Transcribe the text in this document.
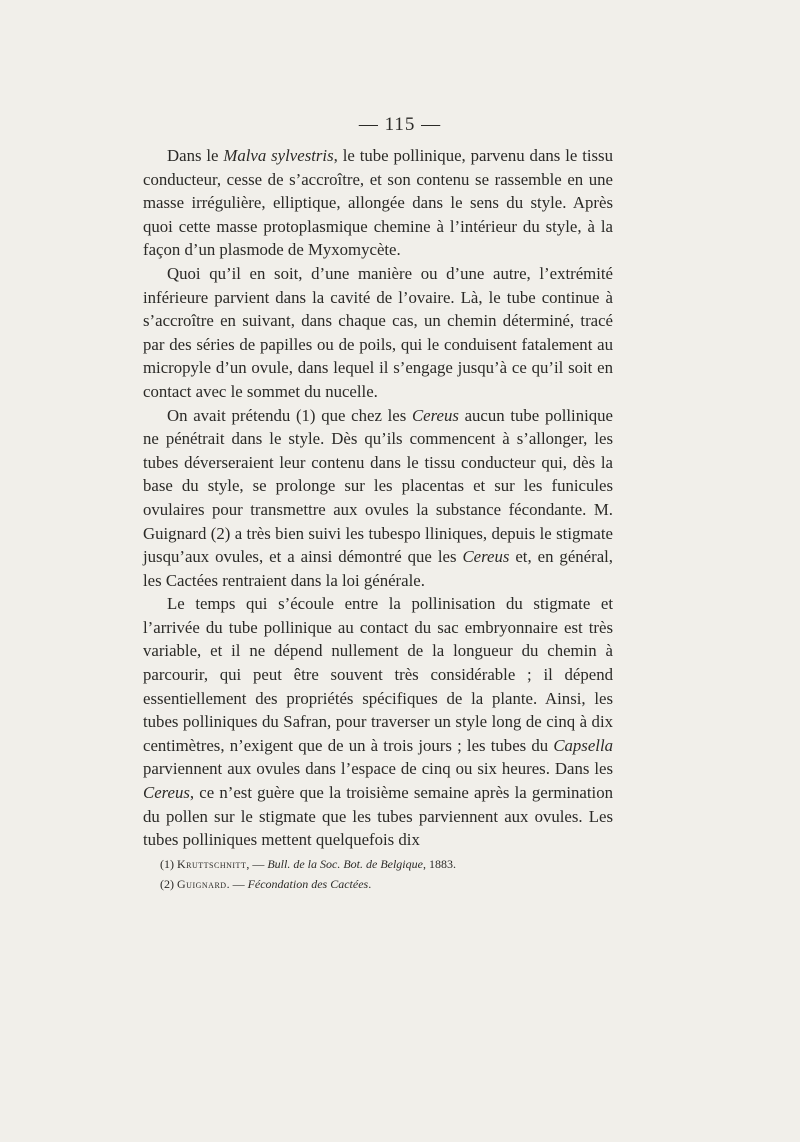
— 115 —

Dans le Malva sylvestris, le tube pollinique, parvenu dans le tissu conducteur, cesse de s’accroître, et son contenu se rassemble en une masse irrégulière, elliptique, allongée dans le sens du style. Après quoi cette masse protoplasmique chemine à l’intérieur du style, à la façon d’un plasmode de Myxomycète.

Quoi qu’il en soit, d’une manière ou d’une autre, l’extrémité inférieure parvient dans la cavité de l’ovaire. Là, le tube continue à s’accroître en suivant, dans chaque cas, un chemin déterminé, tracé par des séries de papilles ou de poils, qui le conduisent fatalement au micropyle d’un ovule, dans lequel il s’engage jusqu’à ce qu’il soit en contact avec le sommet du nucelle.

On avait prétendu (1) que chez les Cereus aucun tube pollinique ne pénétrait dans le style. Dès qu’ils commencent à s’allonger, les tubes déverseraient leur contenu dans le tissu conducteur qui, dès la base du style, se prolonge sur les placentas et sur les funicules ovulaires pour transmettre aux ovules la substance fécondante. M. Guignard (2) a très bien suivi les tubespo lliniques, depuis le stigmate jusqu’aux ovules, et a ainsi démontré que les Cereus et, en général, les Cactées rentraient dans la loi générale.

Le temps qui s’écoule entre la pollinisation du stigmate et l’arrivée du tube pollinique au contact du sac embryonnaire est très variable, et il ne dépend nullement de la longueur du chemin à parcourir, qui peut être souvent très considérable ; il dépend essentiellement des propriétés spécifiques de la plante. Ainsi, les tubes polliniques du Safran, pour traverser un style long de cinq à dix centimètres, n’exigent que de un à trois jours ; les tubes du Capsella parviennent aux ovules dans l’espace de cinq ou six heures. Dans les Cereus, ce n’est guère que la troisième semaine après la germination du pollen sur le stigmate que les tubes parviennent aux ovules. Les tubes polliniques mettent quelquefois dix

(1) Kruttschnitt, — Bull. de la Soc. Bot. de Belgique, 1883.

(2) Guignard. — Fécondation des Cactées.
